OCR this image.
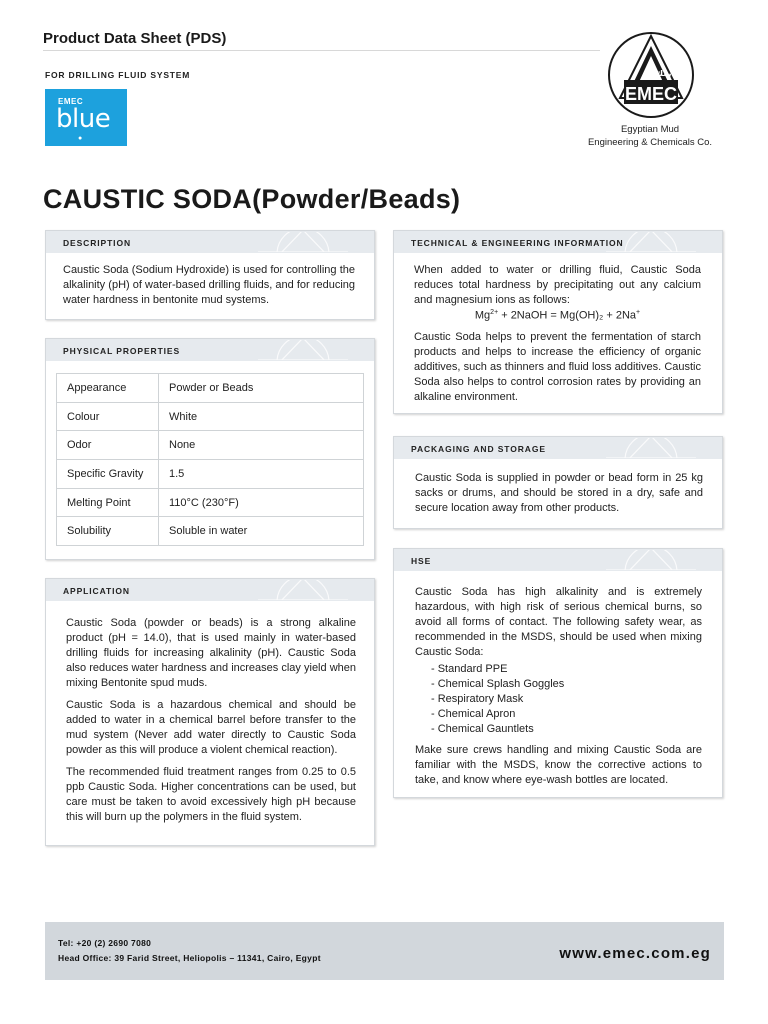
Product Data Sheet (PDS)
FOR DRILLING FLUID SYSTEM
EMEC
blue
●
EMEC
ايمك
Egyptian Mud
Engineering & Chemicals Co.
CAUSTIC SODA(Powder/Beads)
DESCRIPTION
Caustic Soda (Sodium Hydroxide) is used for controlling the alkalinity (pH) of water-based drilling fluids, and for reducing water hardness in bentonite mud systems.
TECHNICAL & ENGINEERING INFORMATION
When added to water or drilling fluid, Caustic Soda reduces total hardness by precipitating out any calcium and magnesium ions as follows:
$Mg^{2+}$ + 2NaOH = Mg(OH)₂ + 2Na+
Caustic Soda helps to prevent the fermentation of starch products and helps to increase the efficiency of organic additives, such as thinners and fluid loss additives. Caustic Soda also helps to control corrosion rates by providing an alkaline environment.
PHYSICAL PROPERTIES
Appearance	Powder or Beads
Colour	White
Odor	None
Specific Gravity	1.5
Melting Point	110°C (230°F)
Solubility	Soluble in water
PACKAGING AND STORAGE
Caustic Soda is supplied in powder or bead form in 25 kg sacks or drums, and should be stored in a dry, safe and secure location away from other products.
HSE
Caustic Soda has high alkalinity and is extremely hazardous, with high risk of serious chemical burns, so avoid all forms of contact. The following safety wear, as recommended in the MSDS, should be used when mixing Caustic Soda:
- Standard PPE
- Chemical Splash Goggles
- Respiratory Mask
- Chemical Apron
- Chemical Gauntlets
Make sure crews handling and mixing Caustic Soda are familiar with the MSDS, know the corrective actions to take, and know where eye-wash bottles are located.
APPLICATION
Caustic Soda (powder or beads) is a strong alkaline product (pH = 14.0), that is used mainly in water-based drilling fluids for increasing alkalinity (pH). Caustic Soda also reduces water hardness and increases clay yield when mixing Bentonite spud muds.
Caustic Soda is a hazardous chemical and should be added to water in a chemical barrel before transfer to the mud system (Never add water directly to Caustic Soda powder as this will produce a violent chemical reaction).
The recommended fluid treatment ranges from 0.25 to 0.5 ppb Caustic Soda. Higher concentrations can be used, but care must be taken to avoid excessively high pH because this will burn up the polymers in the fluid system.
Tel: +20 (2) 2690 7080
Head Office: 39 Farid Street, Heliopolis – 11341, Cairo, Egypt	www.emec.com.eg
